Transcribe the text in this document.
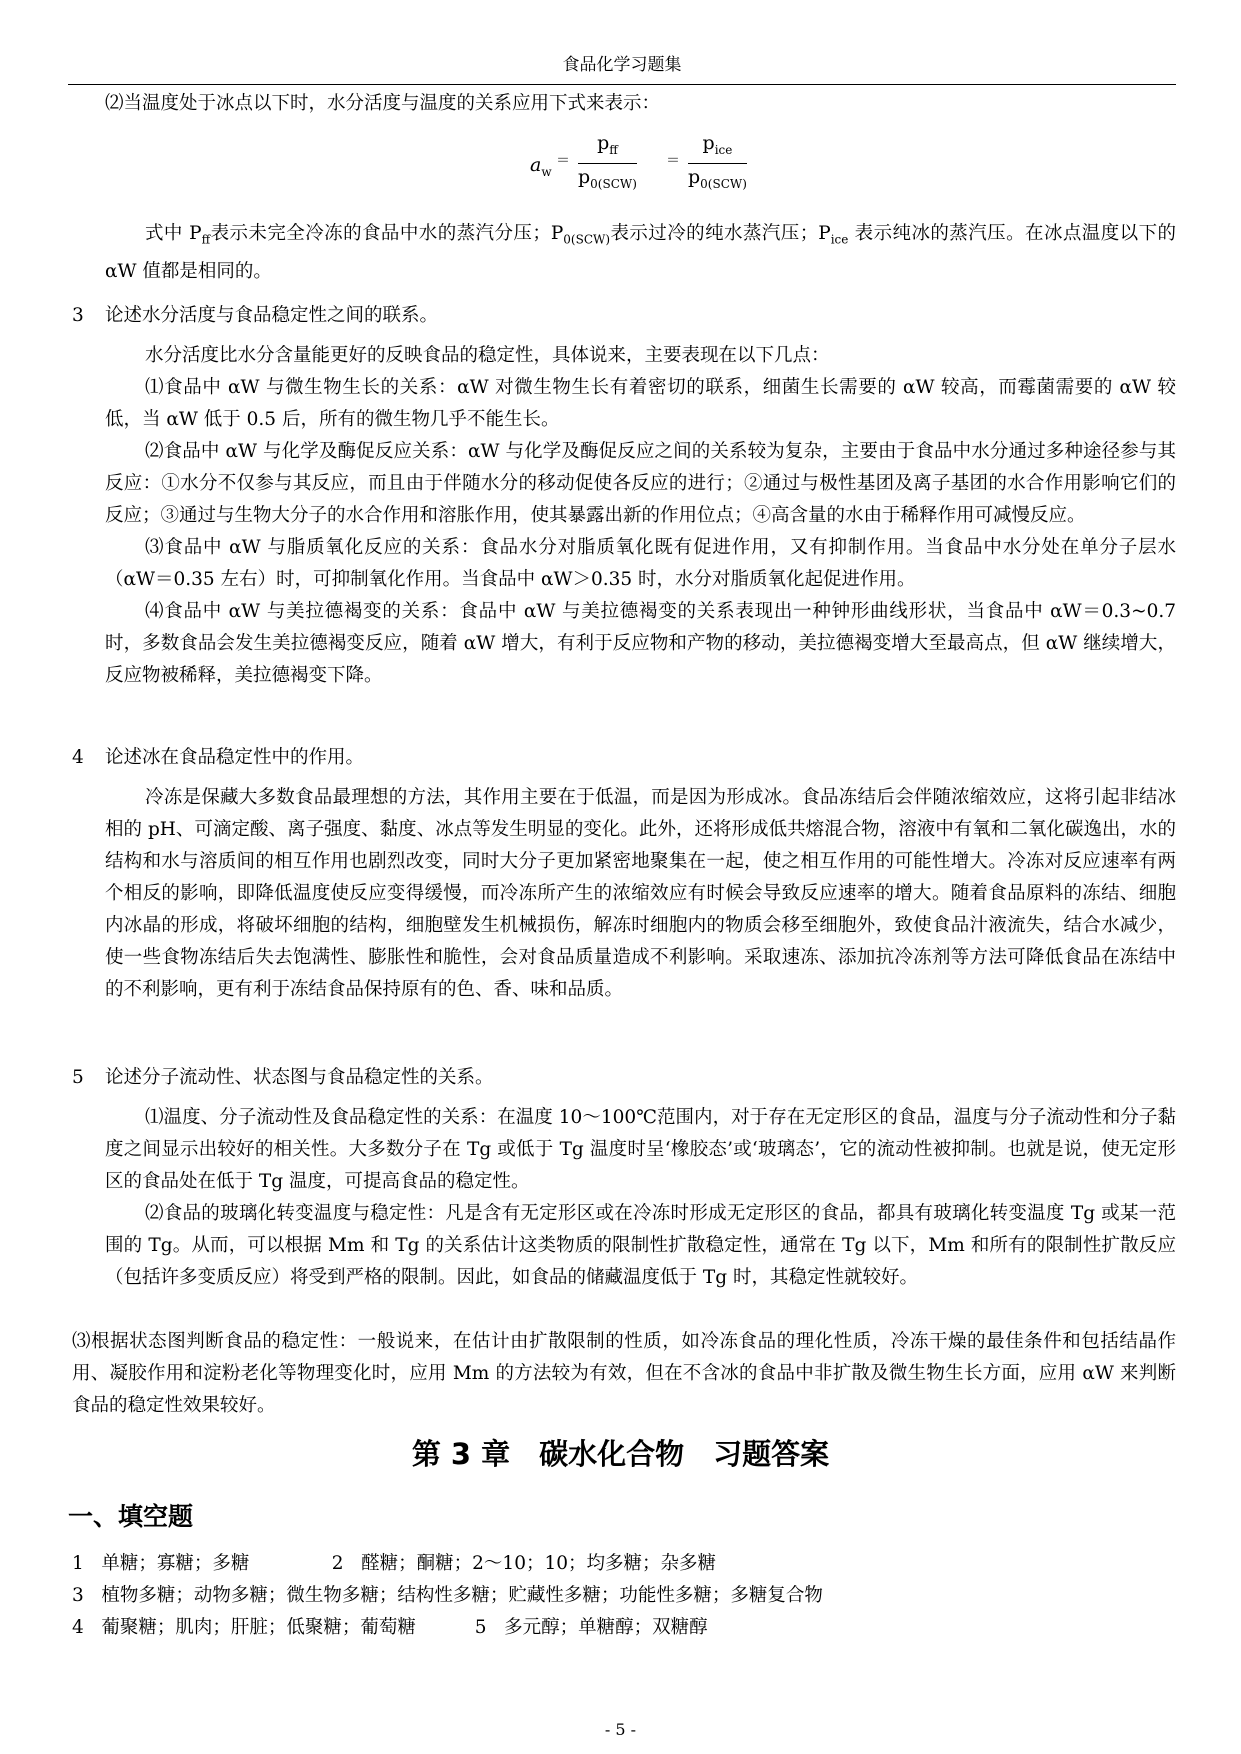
食品化学习题集

⑵当温度处于冰点以下时，水分活度与温度的关系应用下式来表示：

$a_w$
＝
$p_{ff}$
$p_{0(SCW)}$
＝
$p_{ice}$
$p_{0(SCW)}$

式中 $P_{ff}$表示未完全冷冻的食品中水的蒸汽分压；$P_{0(SCW)}$表示过冷的纯水蒸汽压；$P_{ice}$ 表示纯冰的蒸汽压。在冰点温度以下的 αW 值都是相同的。

3 论述水分活度与食品稳定性之间的联系。

水分活度比水分含量能更好的反映食品的稳定性，具体说来，主要表现在以下几点：

⑴食品中 αW 与微生物生长的关系：αW 对微生物生长有着密切的联系，细菌生长需要的 αW 较高，而霉菌需要的 αW 较低，当 αW 低于 0.5 后，所有的微生物几乎不能生长。

⑵食品中 αW 与化学及酶促反应关系：αW 与化学及酶促反应之间的关系较为复杂，主要由于食品中水分通过多种途径参与其反应：①水分不仅参与其反应，而且由于伴随水分的移动促使各反应的进行；②通过与极性基团及离子基团的水合作用影响它们的反应；③通过与生物大分子的水合作用和溶胀作用，使其暴露出新的作用位点；④高含量的水由于稀释作用可减慢反应。

⑶食品中 αW 与脂质氧化反应的关系：食品水分对脂质氧化既有促进作用，又有抑制作用。当食品中水分处在单分子层水（αW＝0.35 左右）时，可抑制氧化作用。当食品中 αW＞0.35 时，水分对脂质氧化起促进作用。

⑷食品中 αW 与美拉德褐变的关系：食品中 αW 与美拉德褐变的关系表现出一种钟形曲线形状，当食品中 αW＝0.3~0.7 时，多数食品会发生美拉德褐变反应，随着 αW 增大，有利于反应物和产物的移动，美拉德褐变增大至最高点，但 αW 继续增大，反应物被稀释，美拉德褐变下降。

4 论述冰在食品稳定性中的作用。

冷冻是保藏大多数食品最理想的方法，其作用主要在于低温，而是因为形成冰。食品冻结后会伴随浓缩效应，这将引起非结冰相的 pH、可滴定酸、离子强度、黏度、冰点等发生明显的变化。此外，还将形成低共熔混合物，溶液中有氧和二氧化碳逸出，水的结构和水与溶质间的相互作用也剧烈改变，同时大分子更加紧密地聚集在一起，使之相互作用的可能性增大。冷冻对反应速率有两个相反的影响，即降低温度使反应变得缓慢，而冷冻所产生的浓缩效应有时候会导致反应速率的增大。随着食品原料的冻结、细胞内冰晶的形成，将破坏细胞的结构，细胞壁发生机械损伤，解冻时细胞内的物质会移至细胞外，致使食品汁液流失，结合水减少，使一些食物冻结后失去饱满性、膨胀性和脆性，会对食品质量造成不利影响。采取速冻、添加抗冷冻剂等方法可降低食品在冻结中的不利影响，更有利于冻结食品保持原有的色、香、味和品质。

5 论述分子流动性、状态图与食品稳定性的关系。

⑴温度、分子流动性及食品稳定性的关系：在温度 10～100℃范围内，对于存在无定形区的食品，温度与分子流动性和分子黏度之间显示出较好的相关性。大多数分子在 Tg 或低于 Tg 温度时呈‘橡胶态’或‘玻璃态’，它的流动性被抑制。也就是说，使无定形区的食品处在低于 Tg 温度，可提高食品的稳定性。

⑵食品的玻璃化转变温度与稳定性：凡是含有无定形区或在冷冻时形成无定形区的食品，都具有玻璃化转变温度 Tg 或某一范围的 Tg。从而，可以根据 Mm 和 Tg 的关系估计这类物质的限制性扩散稳定性，通常在 Tg 以下，Mm 和所有的限制性扩散反应（包括许多变质反应）将受到严格的限制。因此，如食品的储藏温度低于 Tg 时，其稳定性就较好。

⑶根据状态图判断食品的稳定性：一般说来，在估计由扩散限制的性质，如冷冻食品的理化性质，冷冻干燥的最佳条件和包括结晶作用、凝胶作用和淀粉老化等物理变化时，应用 Mm 的方法较为有效，但在不含冰的食品中非扩散及微生物生长方面，应用 αW 来判断食品的稳定性效果较好。

第 3 章　碳水化合物　习题答案
一、填空题
1   单糖；寡糖；多糖              2   醛糖；酮糖；2～10；10；均多糖；杂多糖
3   植物多糖；动物多糖；微生物多糖；结构性多糖；贮藏性多糖；功能性多糖；多糖复合物
4   葡聚糖；肌肉；肝脏；低聚糖；葡萄糖          5   多元醇；单糖醇；双糖醇
- 5 -
